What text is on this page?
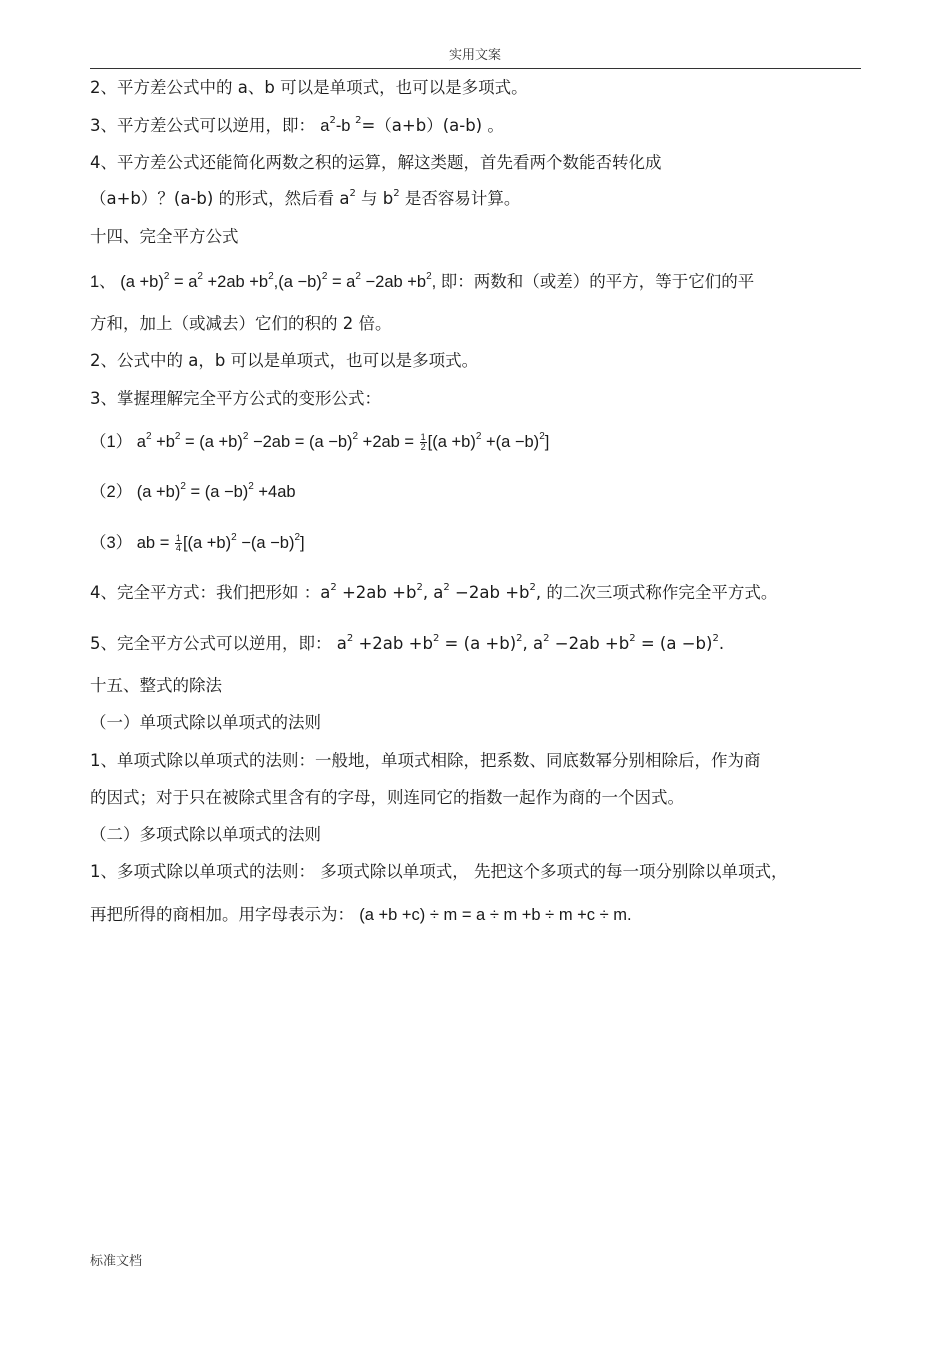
实用文案
2、平方差公式中的 a、b 可以是单项式，也可以是多项式。
3、平方差公式可以逆用，即： $a^2-b$ $^2$=（a+b）(a-b) 。
4、平方差公式还能简化两数之积的运算，解这类题，首先看两个数能否转化成
（a+b）？(a-b) 的形式，然后看 $a^2$ 与 $b^2$ 是否容易计算。
十四、完全平方公式
1、 $(a +b)^2 = a^2 +2ab +b^2,(a -b)^2 = a^2 -2ab +b^2$, 即：两数和（或差）的平方，等于它们的平
方和，加上（或减去）它们的积的 2 倍。
2、公式中的 a，b 可以是单项式，也可以是多项式。
3、掌握理解完全平方公式的变形公式：
（1） $a^2 +b^2 = (a +b)^2 -2ab = (a -b)^2 +2ab = \frac{1}{2} [(a +b)^2 +(a -b)^2]$
（2） $(a +b)^2 = (a -b)^2 +4ab$
（3） ab = $\frac{1}{4} [(a +b)^2 -(a -b)^2]$
4、完全平方式：我们把形如 ：$a^2 +2ab +b^2$, $a^2 -2ab +b^2$, 的二次三项式称作完全平方式。
5、完全平方公式可以逆用，即： $a^2 +2ab +b^2 = (a +b)^2$, $a^2 -2ab +b^2 = (a -b)^2$.
十五、整式的除法
（一）单项式除以单项式的法则
1、单项式除以单项式的法则：一般地，单项式相除，把系数、同底数幂分别相除后，作为商
的因式；对于只在被除式里含有的字母，则连同它的指数一起作为商的一个因式。
（二）多项式除以单项式的法则
1、多项式除以单项式的法则： 多项式除以单项式， 先把这个多项式的每一项分别除以单项式，
再把所得的商相加。用字母表示为： (a +b +c) ÷ m = a ÷ m +b ÷ m +c ÷ m.
标准文档
